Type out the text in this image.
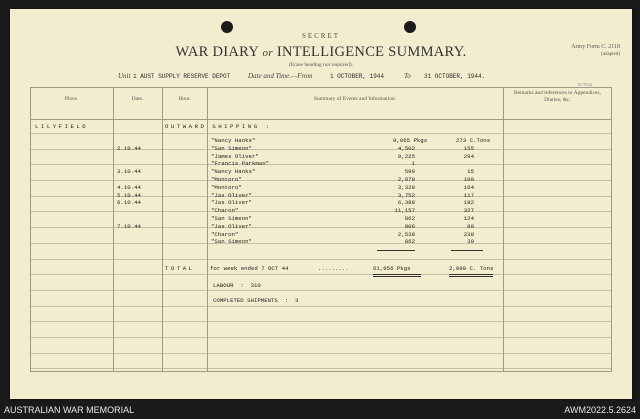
SECRET
WAR DIARY or INTELLIGENCE SUMMARY.
(Erase heading not required).
Army Form C. 2118
(adapted)
15-7032
Unit 1 AUST SUPPLY RESERVE DEPOT	Date and Time.—From	1 OCTOBER, 1944	To 31 OCTOBER, 1944.
Place.	Date.	Hour.	Summary of Events and Information.
Remarks and references to Appendices, Diaries, &c.
LILYFIELD	OUTWARD SHIPPING :
"Nancy Hanks"	9,065 Pkgs	273 C.Tons
2.10.44	"San Simeon"	4,502	155
"James Oliver"	9,225	294
"Francis Parkman"	1
3.10.44	"Nancy Hanks"	590	15
"Montoro"	2,870	100
4.10.44	"Montoro"	3,328	164
5.10.44	"Jas Oliver"	3,752	117
6.10.44	"Jas Oliver"	6,388	182
"Charon"	11,157	327
"San Simeon"	862	124
7.10.44	"Jas Oliver"	906	80
"Charon"	2,538	238
"San Simeon"	862	30
TOTAL	for week ended 7 OCT 44	.........	61,056 Pkgs	2,099 C. Tons
LABOUR : 310
COMPLETED SHIPMENTS : 3
AUSTRALIAN WAR MEMORIAL	AWM2022.5.2624
